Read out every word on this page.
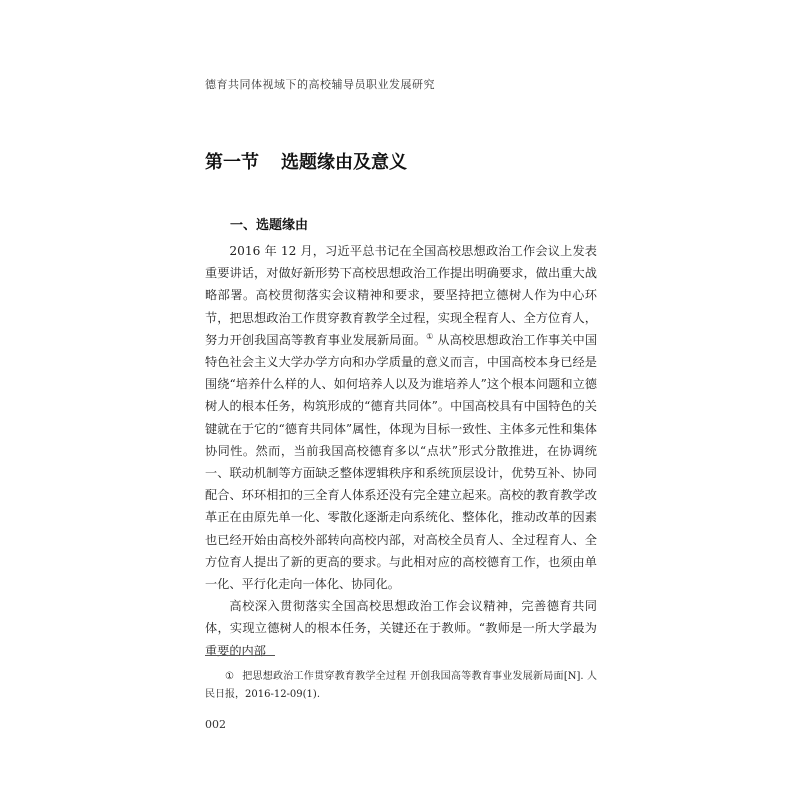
德育共同体视域下的高校辅导员职业发展研究
第一节 选题缘由及意义
一、选题缘由

2016 年 12 月，习近平总书记在全国高校思想政治工作会议上发表重要讲话，对做好新形势下高校思想政治工作提出明确要求，做出重大战略部署。高校贯彻落实会议精神和要求，要坚持把立德树人作为中心环节，把思想政治工作贯穿教育教学全过程，实现全程育人、全方位育人，努力开创我国高等教育事业发展新局面。① 从高校思想政治工作事关中国特色社会主义大学办学方向和办学质量的意义而言，中国高校本身已经是围绕“培养什么样的人、如何培养人以及为谁培养人”这个根本问题和立德树人的根本任务，构筑形成的“德育共同体”。中国高校具有中国特色的关键就在于它的“德育共同体”属性，体现为目标一致性、主体多元性和集体协同性。然而，当前我国高校德育多以“点状”形式分散推进，在协调统一、联动机制等方面缺乏整体逻辑秩序和系统顶层设计，优势互补、协同配合、环环相扣的三全育人体系还没有完全建立起来。高校的教育教学改革正在由原先单一化、零散化逐渐走向系统化、整体化，推动改革的因素也已经开始由高校外部转向高校内部，对高校全员育人、全过程育人、全方位育人提出了新的更高的要求。与此相对应的高校德育工作，也须由单一化、平行化走向一体化、协同化。

高校深入贯彻落实全国高校思想政治工作会议精神，完善德育共同体，实现立德树人的根本任务，关键还在于教师。“教师是一所大学最为重要的内部

① 把思想政治工作贯穿教育教学全过程 开创我国高等教育事业发展新局面[N]. 人民日报，2016-12-09(1).
002
